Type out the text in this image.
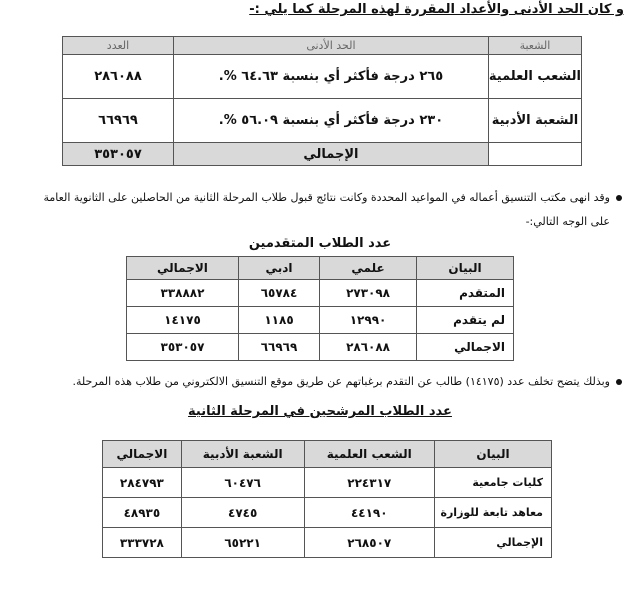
و كان الحد الأدنى والأعداد المقررة لهذه المرحلة كما يلي :-
الشعبة	الحد الأدنى	العدد
الشعب العلمية	٢٦٥ درجة فأكثر أي بنسبة ٦٤.٦٣ %.	٢٨٦٠٨٨
الشعبة الأدبية	٢٣٠ درجة فأكثر أي بنسبة ٥٦.٠٩ %.	٦٦٩٦٩
	الإجمالي	٣٥٣٠٥٧
وقد انهى مكتب التنسيق أعماله في المواعيد المحددة وكانت نتائج قبول طلاب المرحلة الثانية من الحاصلين على الثانوية العامة
على الوجه التالي:-
عدد الطلاب المتقدمين
البيان	علمي	ادبي	الاجمالي
المتقدم	٢٧٣٠٩٨	٦٥٧٨٤	٣٣٨٨٨٢
لم يتقدم	١٢٩٩٠	١١٨٥	١٤١٧٥
الاجمالي	٢٨٦٠٨٨	٦٦٩٦٩	٣٥٣٠٥٧
وبذلك يتضح تخلف عدد (١٤١٧٥) طالب عن التقدم برغباتهم عن طريق موقع التنسيق الالكتروني من طلاب هذه المرحلة.
عدد الطلاب المرشحين في المرحلة الثانية
البيان	الشعب العلمية	الشعبة الأدبية	الاجمالي
كليات جامعية	٢٢٤٣١٧	٦٠٤٧٦	٢٨٤٧٩٣
معاهد تابعة للوزارة	٤٤١٩٠	٤٧٤٥	٤٨٩٣٥
الإجمالي	٢٦٨٥٠٧	٦٥٢٢١	٣٣٣٧٢٨
